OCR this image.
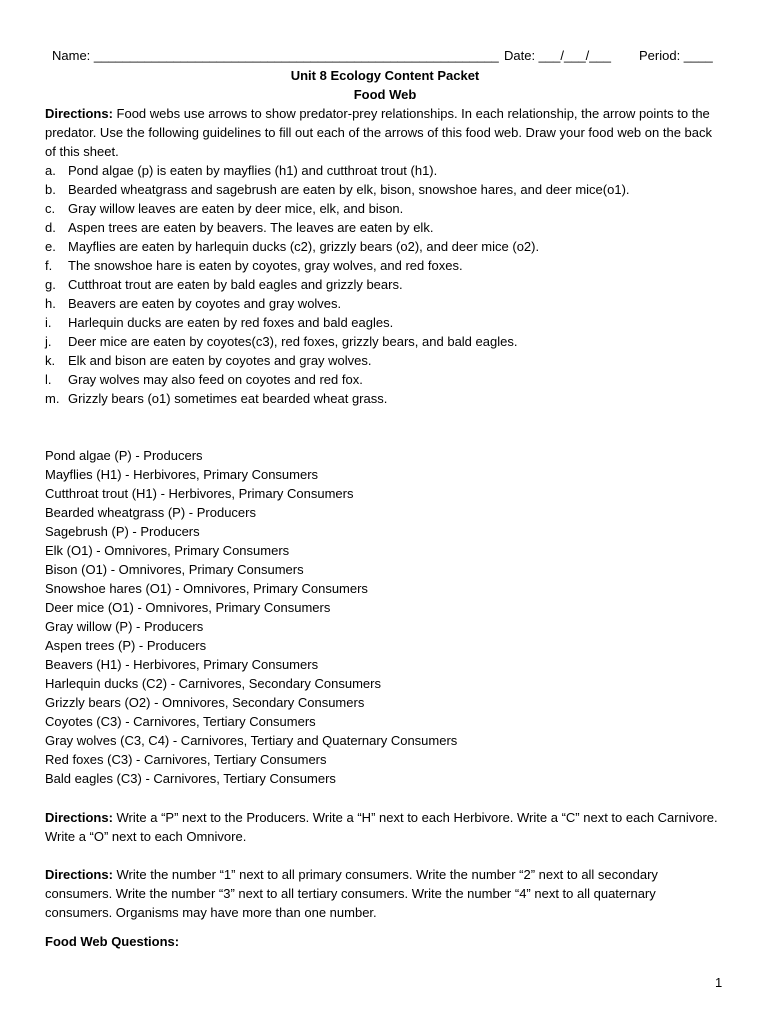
Name: ________________________________________________________ Date: ___/___/___ Period: ____
Unit 8 Ecology Content Packet
Food Web

Directions: Food webs use arrows to show predator-prey relationships. In each relationship, the arrow points to the predator. Use the following guidelines to fill out each of the arrows of this food web. Draw your food web on the back of this sheet.

a. Pond algae (p) is eaten by mayflies (h1) and cutthroat trout (h1).
b. Bearded wheatgrass and sagebrush are eaten by elk, bison, snowshoe hares, and deer mice(o1).
c. Gray willow leaves are eaten by deer mice, elk, and bison.
d. Aspen trees are eaten by beavers. The leaves are eaten by elk.
e. Mayflies are eaten by harlequin ducks (c2), grizzly bears (o2), and deer mice (o2).
f. The snowshoe hare is eaten by coyotes, gray wolves, and red foxes.
g. Cutthroat trout are eaten by bald eagles and grizzly bears.
h. Beavers are eaten by coyotes and gray wolves.
i. Harlequin ducks are eaten by red foxes and bald eagles.
j. Deer mice are eaten by coyotes(c3), red foxes, grizzly bears, and bald eagles.
k. Elk and bison are eaten by coyotes and gray wolves.
l. Gray wolves may also feed on coyotes and red fox.
m. Grizzly bears (o1) sometimes eat bearded wheat grass.
Pond algae (P) - Producers
Mayflies (H1) - Herbivores, Primary Consumers
Cutthroat trout (H1) - Herbivores, Primary Consumers
Bearded wheatgrass (P) - Producers
Sagebrush (P) - Producers
Elk (O1) - Omnivores, Primary Consumers
Bison (O1) - Omnivores, Primary Consumers
Snowshoe hares (O1) - Omnivores, Primary Consumers
Deer mice (O1) - Omnivores, Primary Consumers
Gray willow (P) - Producers
Aspen trees (P) - Producers
Beavers (H1) - Herbivores, Primary Consumers
Harlequin ducks (C2) - Carnivores, Secondary Consumers
Grizzly bears (O2) - Omnivores, Secondary Consumers
Coyotes (C3) - Carnivores, Tertiary Consumers
Gray wolves (C3, C4) - Carnivores, Tertiary and Quaternary Consumers
Red foxes (C3) - Carnivores, Tertiary Consumers
Bald eagles (C3) - Carnivores, Tertiary Consumers

Directions: Write a “P” next to the Producers. Write a “H” next to each Herbivore. Write a “C” next to each Carnivore. Write a “O” next to each Omnivore.

Directions: Write the number “1” next to all primary consumers. Write the number “2” next to all secondary consumers. Write the number “3” next to all tertiary consumers. Write the number “4” next to all quaternary consumers. Organisms may have more than one number.

Food Web Questions:
1
